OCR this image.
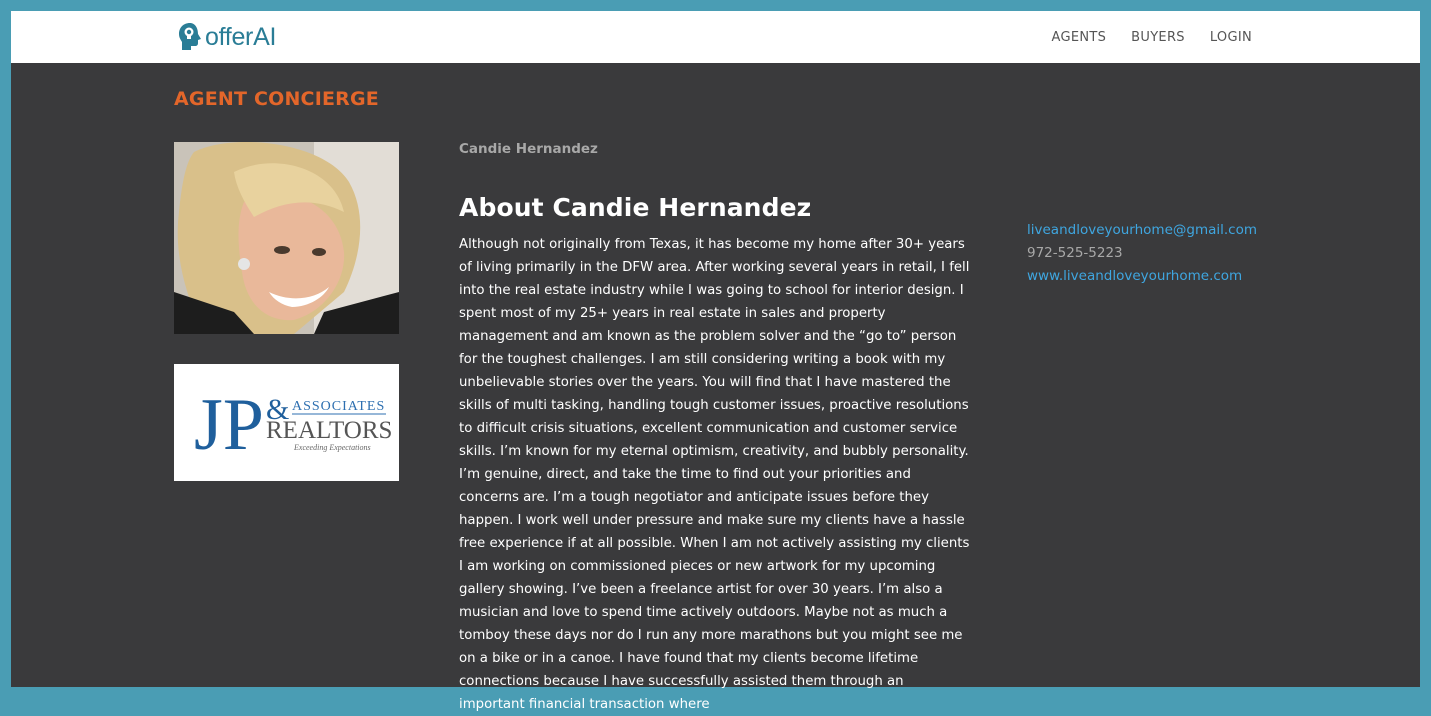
offerAI	AGENTS BUYERS LOGIN
AGENT CONCIERGE
JP & ASSOCIATES
REALTORS
Exceeding Expectations
Candie Hernandez
About Candie Hernandez

Although not originally from Texas, it has become my home after 30+ years of living primarily in the DFW area. After working several years in retail, I fell into the real estate industry while I was going to school for interior design. I spent most of my 25+ years in real estate in sales and property management and am known as the problem solver and the “go to” person for the toughest challenges. I am still considering writing a book with my unbelievable stories over the years. You will find that I have mastered the skills of multi tasking, handling tough customer issues, proactive resolutions to difficult crisis situations, excellent communication and customer service skills. I’m known for my eternal optimism, creativity, and bubbly personality. I’m genuine, direct, and take the time to find out your priorities and concerns are. I’m a tough negotiator and anticipate issues before they happen. I work well under pressure and make sure my clients have a hassle free experience if at all possible. When I am not actively assisting my clients I am working on commissioned pieces or new artwork for my upcoming gallery showing. I’ve been a freelance artist for over 30 years. I’m also a musician and love to spend time actively outdoors. Maybe not as much a tomboy these days nor do I run any more marathons but you might see me on a bike or in a canoe. I have found that my clients become lifetime connections because I have successfully assisted them through an important financial transaction where

liveandloveyourhome@gmail.com
972-525-5223
www.liveandloveyourhome.com
